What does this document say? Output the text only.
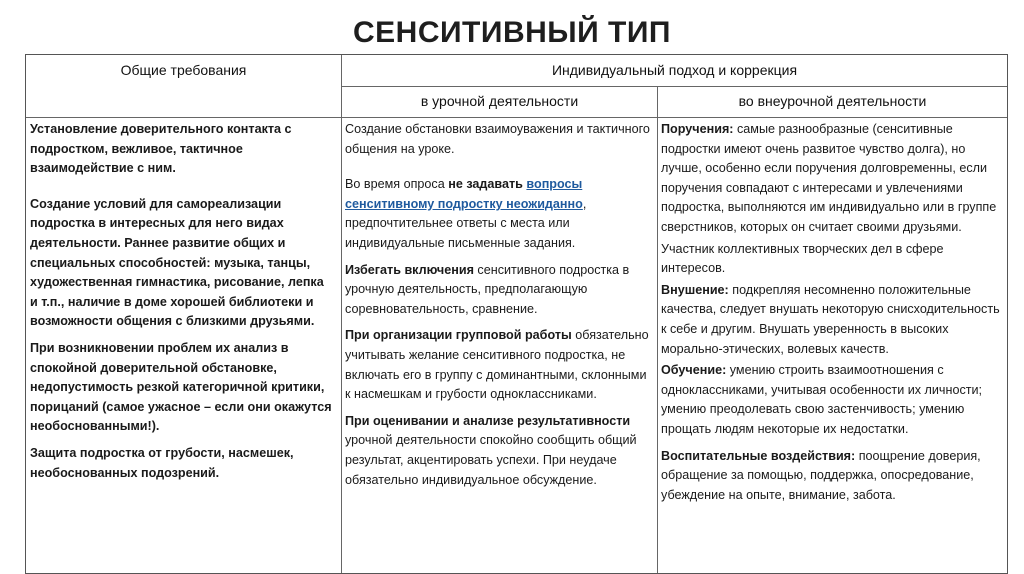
СЕНСИТИВНЫЙ ТИП
Общие требования	Индивидуальный подход и коррекция
в урочной деятельности	во внеурочной деятельности

Установление доверительного контакта с подростком, вежливое, тактичное взаимодействие с ним.

Создание условий для самореализации подростка в интересных для него видах деятельности. Раннее развитие общих и специальных способностей: музыка, танцы, художественная гимнастика, рисование, лепка и т.п., наличие в доме хорошей библиотеки и возможности общения с близкими друзьями.

При возникновении проблем их анализ в спокойной доверительной обстановке, недопустимость резкой категоричной критики, порицаний (самое ужасное – если они окажутся необоснованными!).

Защита подростка от грубости, насмешек, необоснованных подозрений.

Создание обстановки взаимоуважения и тактичного общения на уроке.

Во время опроса не задавать вопросы сенситивному подростку неожиданно, предпочтительнее ответы с места или индивидуальные письменные задания.

Избегать включения сенситивного подростка в урочную деятельность, предполагающую соревновательность, сравнение.

При организации групповой работы обязательно учитывать желание сенситивного подростка, не включать его в группу с доминантными, склонными к насмешкам и грубости одноклассниками.

При оценивании и анализе результативности урочной деятельности спокойно сообщить общий результат, акцентировать успехи. При неудаче обязательно индивидуальное обсуждение.

Поручения: самые разнообразные (сенситивные подростки имеют очень развитое чувство долга), но лучше, особенно если поручения долговременны, если поручения совпадают с интересами и увлечениями подростка, выполняются им индивидуально или в группе сверстников, которых он считает своими друзьями.

Участник коллективных творческих дел в сфере интересов.

Внушение: подкрепляя несомненно положительные качества, следует внушать некоторую снисходительность к себе и другим. Внушать уверенность в высоких морально-этических, волевых качеств.

Обучение: умению строить взаимоотношения с одноклассниками, учитывая особенности их личности; умению преодолевать свою застенчивость; умению прощать людям некоторые их недостатки.

Воспитательные воздействия: поощрение доверия, обращение за помощью, поддержка, опосредование, убеждение на опыте, внимание, забота.
